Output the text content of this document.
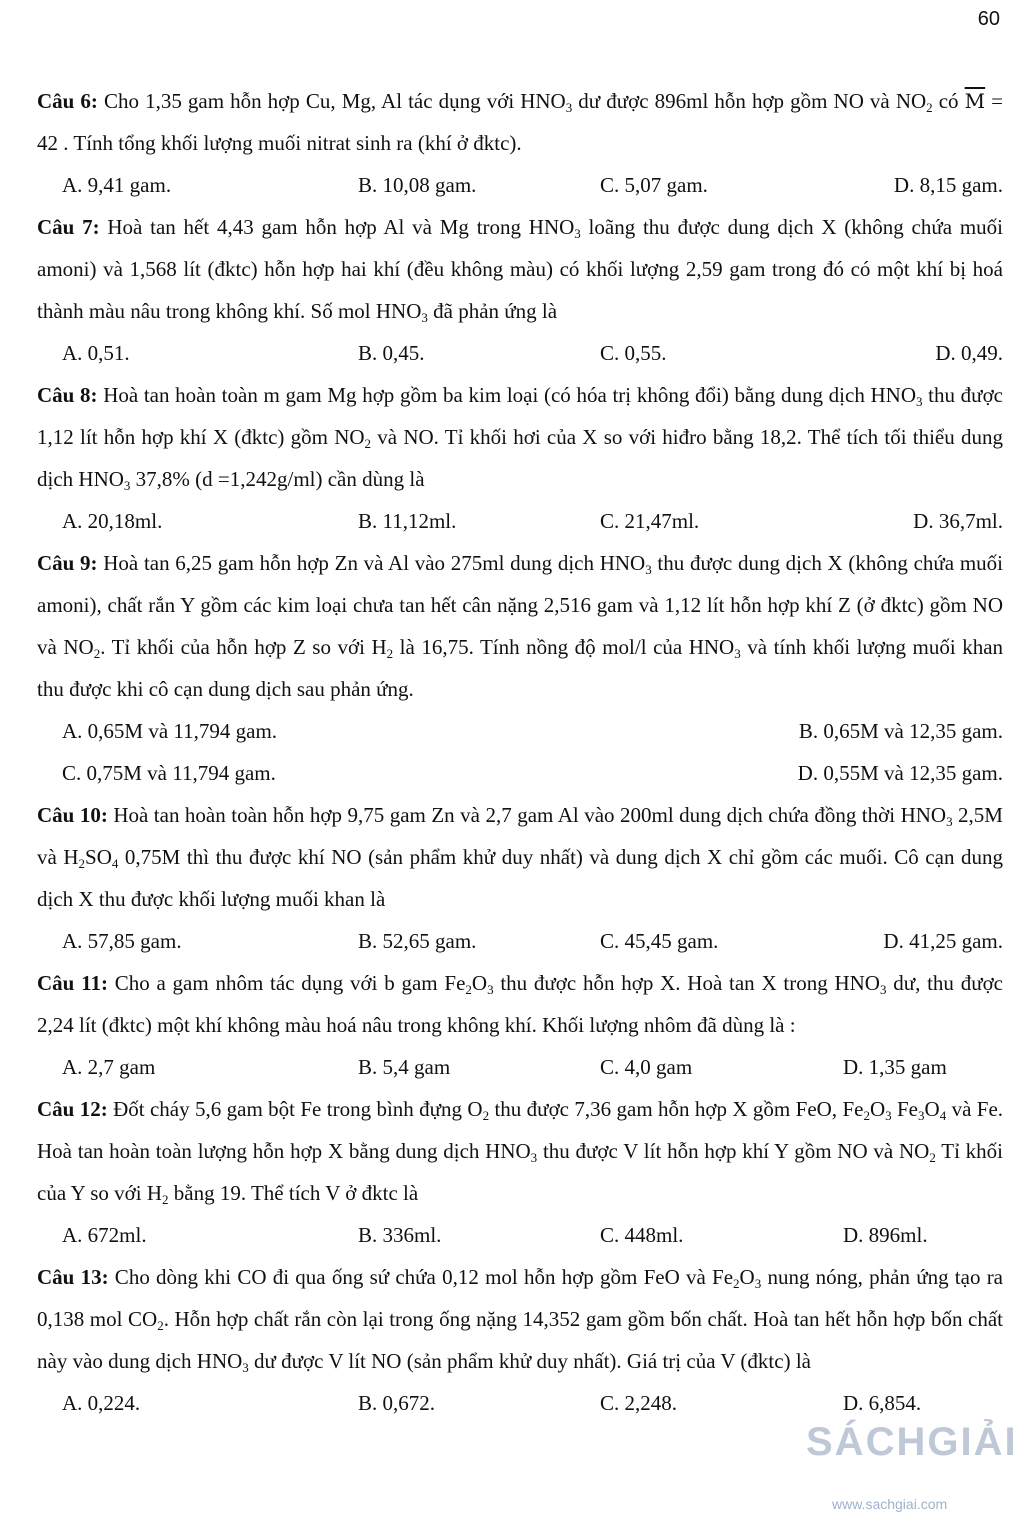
60

Câu 6: Cho 1,35 gam hỗn hợp Cu, Mg, Al tác dụng với $HNO_3$ dư được 896ml hỗn hợp gồm NO và $NO_2$ có $\overline{M} = 42$ . Tính tổng khối lượng muối nitrat sinh ra (khí ở đktc).

A. 9,41 gam.	B. 10,08 gam.	C. 5,07 gam.	D. 8,15 gam.

Câu 7: Hoà tan hết 4,43 gam hỗn hợp Al và Mg trong $HNO_3$ loãng thu được dung dịch X (không chứa muối amoni) và 1,568 lít (đktc) hỗn hợp hai khí (đều không màu) có khối lượng 2,59 gam trong đó có một khí bị hoá thành màu nâu trong không khí. Số mol $HNO_3$ đã phản ứng là

A. 0,51.	B. 0,45.	C. 0,55.	D. 0,49.

Câu 8: Hoà tan hoàn toàn m gam Mg hợp gồm ba kim loại (có hóa trị không đổi) bằng dung dịch $HNO_3$ thu được 1,12 lít hỗn hợp khí X (đktc) gồm $NO_2$ và NO. Tỉ khối hơi của X so với hiđro bằng 18,2. Thể tích tối thiểu dung dịch $HNO_3$ 37,8% (d =1,242g/ml) cần dùng là

A. 20,18ml.	B. 11,12ml.	C. 21,47ml.	D. 36,7ml.

Câu 9: Hoà tan 6,25 gam hỗn hợp Zn và Al vào 275ml dung dịch $HNO_3$ thu được dung dịch X (không chứa muối amoni), chất rắn Y gồm các kim loại chưa tan hết cân nặng 2,516 gam và 1,12 lít hỗn hợp khí Z (ở đktc) gồm NO và $NO_2$. Tỉ khối của hỗn hợp Z so với $H_2$ là 16,75. Tính nồng độ mol/l của $HNO_3$ và tính khối lượng muối khan thu được khi cô cạn dung dịch sau phản ứng.

A. 0,65M và 11,794 gam.	B. 0,65M và 12,35 gam.
C. 0,75M và 11,794 gam.	D. 0,55M và 12,35 gam.

Câu 10: Hoà tan hoàn toàn hỗn hợp 9,75 gam Zn và 2,7 gam Al vào 200ml dung dịch chứa đồng thời $HNO_3$ 2,5M và $H_2SO_4$ 0,75M thì thu được khí NO (sản phẩm khử duy nhất) và dung dịch X chỉ gồm các muối. Cô cạn dung dịch X thu được khối lượng muối khan là

A. 57,85 gam.	B. 52,65 gam.	C. 45,45 gam.	D. 41,25 gam.

Câu 11: Cho a gam nhôm tác dụng với b gam $Fe_2O_3$ thu được hỗn hợp X. Hoà tan X trong $HNO_3$ dư, thu được 2,24 lít (đktc) một khí không màu hoá nâu trong không khí. Khối lượng nhôm đã dùng là :

A. 2,7 gam	B. 5,4 gam	C. 4,0 gam	D. 1,35 gam

Câu 12: Đốt cháy 5,6 gam bột Fe trong bình đựng $O_2$ thu được 7,36 gam hỗn hợp X gồm FeO, $Fe_2O_3$ $Fe_3O_4$ và Fe. Hoà tan hoàn toàn lượng hỗn hợp X bằng dung dịch $HNO_3$ thu được V lít hỗn hợp khí Y gồm NO và $NO_2$ Tỉ khối của Y so với $H_2$ bằng 19. Thể tích V ở đktc là

A. 672ml.	B. 336ml.	C. 448ml.	D. 896ml.

Câu 13: Cho dòng khi CO đi qua ống sứ chứa 0,12 mol hỗn hợp gồm FeO và $Fe_2O_3$ nung nóng, phản ứng tạo ra 0,138 mol $CO_2$. Hỗn hợp chất rắn còn lại trong ống nặng 14,352 gam gồm bốn chất. Hoà tan hết hỗn hợp bốn chất này vào dung dịch $HNO_3$ dư được V lít NO (sản phẩm khử duy nhất). Giá trị của V (đktc) là

A. 0,224.	B. 0,672.	C. 2,248.	D. 6,854.
SÁCHGIẢI
www.sachgiai.com
